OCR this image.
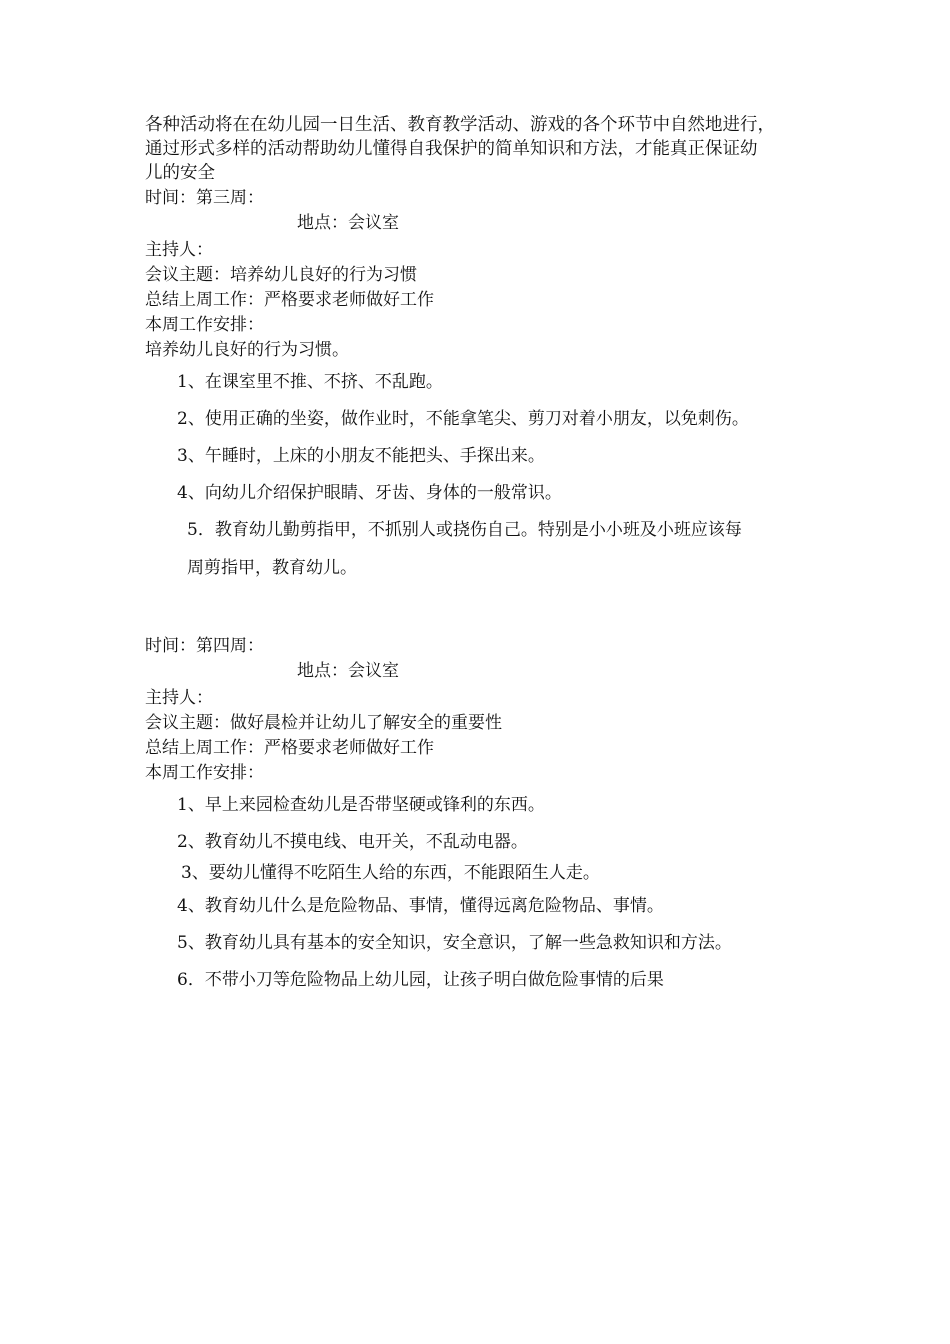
各种活动将在在幼儿园一日生活、教育教学活动、游戏的各个环节中自然地进行，
通过形式多样的活动帮助幼儿懂得自我保护的简单知识和方法，才能真正保证幼
儿的安全
时间：第三周：
地点：会议室
主持人：
会议主题：培养幼儿良好的行为习惯
总结上周工作：严格要求老师做好工作
本周工作安排：
培养幼儿良好的行为习惯。
1、在课室里不推、不挤、不乱跑。
2、使用正确的坐姿，做作业时，不能拿笔尖、剪刀对着小朋友，以免刺伤。
3、午睡时，上床的小朋友不能把头、手探出来。
4、向幼儿介绍保护眼睛、牙齿、身体的一般常识。
5．教育幼儿勤剪指甲，不抓别人或挠伤自己。特别是小小班及小班应该每
周剪指甲，教育幼儿。
时间：第四周：
地点：会议室
主持人：
会议主题：做好晨检并让幼儿了解安全的重要性
总结上周工作：严格要求老师做好工作
本周工作安排：
1、早上来园检查幼儿是否带坚硬或锋利的东西。
2、教育幼儿不摸电线、电开关，不乱动电器。
3、要幼儿懂得不吃陌生人给的东西，不能跟陌生人走。
4、教育幼儿什么是危险物品、事情，懂得远离危险物品、事情。
5、教育幼儿具有基本的安全知识，安全意识，了解一些急救知识和方法。
6．不带小刀等危险物品上幼儿园，让孩子明白做危险事情的后果
